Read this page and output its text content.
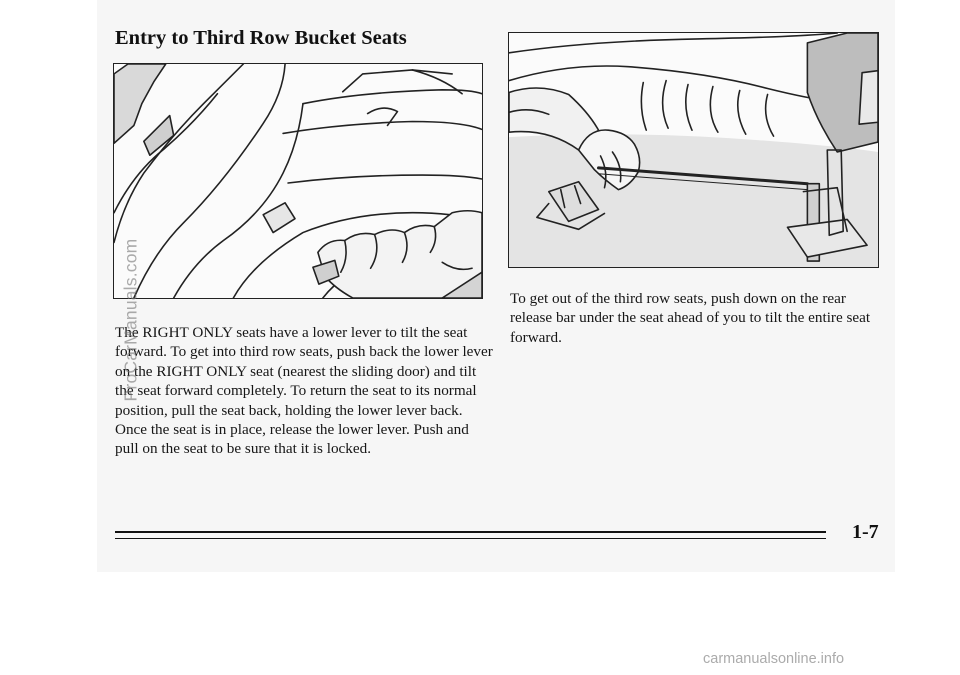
Entry to Third Row Bucket Seats

The RIGHT ONLY seats have a lower lever to tilt the seat forward. To get into third row seats, push back the lower lever on the RIGHT ONLY seat (nearest the sliding door) and tilt the seat forward completely. To return the seat to its normal position, pull the seat back, holding the lower lever back. Once the seat is in place, release the lower lever. Push and pull on the seat to be sure that it is locked.

To get out of the third row seats, push down on the rear release bar under the seat ahead of you to tilt the entire seat forward.

1-7
ProCarManuals.com
carmanualsonline.info
